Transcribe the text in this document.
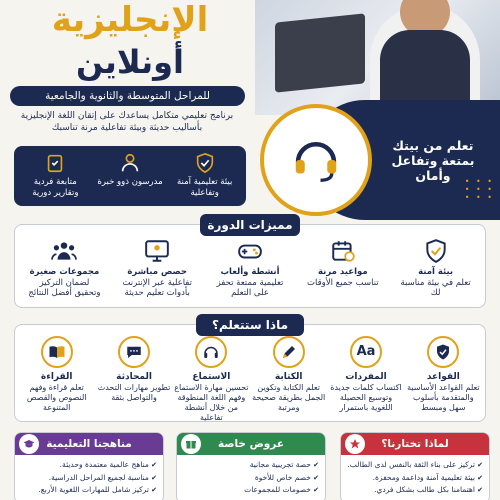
الإنجليزية
أونلاين
للمراحل المتوسطة والثانوية والجامعية
برنامج تعليمي متكامل يساعدك على إتقان اللغة الإنجليزية بأساليب حديثة وبيئة تفاعلية مرنة تناسبك
• • •
• • •
• • •
تعلم من بيتك بمتعة وتفاعل وأمان
بيئة تعليمية آمنة وتفاعلية
مدرسون ذوو خبرة
متابعة فردية وتقارير دورية
مميزات الدورة
بيئة آمنة
تعلم في بيئة مناسبة لك
مواعيد مرنة
تناسب جميع الأوقات
أنشطة وألعاب
تعليمية ممتعة تحفز على التعلم
حصص مباشرة
تفاعلية عبر الإنترنت بأدوات تعليم حديثة
مجموعات صغيرة
لضمان التركيز وتحقيق أفضل النتائج
ماذا ستتعلم؟
القواعد
تعلم القواعد الأساسية والمتقدمة بأسلوب سهل ومبسط
Aa
المفردات
اكتساب كلمات جديدة وتوسيع الحصيلة اللغوية باستمرار
الكتابة
تعلم الكتابة وتكوين الجمل بطريقة صحيحة ومرتبة
الاستماع
تحسين مهارة الاستماع وفهم اللغة المنطوقة من خلال أنشطة تفاعلية
المحادثة
تطوير مهارات التحدث والتواصل بثقة
القراءة
تعلم قراءة وفهم النصوص والقصص المتنوعة
لماذا تختارنا؟
✔ تركيز على بناء الثقة بالنفس لدى الطالب.
✔ بيئة تعليمية آمنة وداعمة ومحفزة.
✔ اهتمامنا بكل طالب بشكل فردي.
عروض خاصة
✔ حصة تجريبية مجانية
✔ خصم خاص للأخوة
✔ خصومات للمجموعات
مناهجنا التعليمية
✔ مناهج عالمية معتمدة وحديثة.
✔ مناسبة لجميع المراحل الدراسية.
✔ تركيز شامل للمهارات اللغوية الأربع.
